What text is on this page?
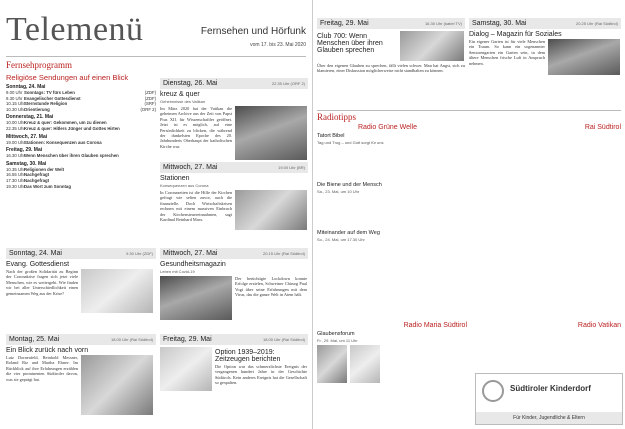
Telemenü	Fernsehen und Hörfunk
vom 17. bis 23. Mai 2020
Fernsehprogramm
Religiöse Sendungen auf einen Blick
Sonntag, 24. Mai
9.00 Uhr Sonntags: TV fürs Leben	(ZDF)
9.30 Uhr Evangelischer Gottesdienst	(ZDF)
10.15 UhrSternstunde Religion	(SRF)
10.30 UhrOrientierung	(ORF 2)
Donnerstag, 21. Mai
10.00 UhrKreuz & quer: Gekommen, um zu dienen
22.35 UhrKreuz & quer: Hitlers Jünger und Gottes Hirten
Mittwoch, 27. Mai
19.00 UhrStationen: Konsequenzen aus Corona
Freitag, 29. Mai
16.30 UhrWenn Menschen über ihren Glauben sprechen
Samstag, 30. Mai
10.35 UhrReligionen der Welt
16.55 UhrNachgefragt
17.30 UhrNachgefragt
19.30 UhrDas Wort zum Sonntag
Dienstag, 26. Mai	22.35 Uhr (ORF 2)
kreuz & quer
Geheimnisse des Vatikan
Im März 2020 hat der Vatikan die geheimen Archive aus der Zeit von Papst Pius XII. für Wissenschaftler geöffnet. Jetzt ist es möglich, auf eine Persönlichkeit zu blicken, die während der dunkelsten Epoche des 20. Jahrhunderts Oberhaupt der katholischen Kirche war.
Mittwoch, 27. Mai	19.00 Uhr (BR)
Stationen
Konsequenzen aus Corona
In Coronazeiten ist die Hilfe der Kirchen gefragt wie selten zuvor, auch die finanzielle. Doch Wirtschaftskrisen rechnen mit einem massiven Einbruch der Kirchensteuereinnahmen, sagt Kardinal Reinhard Marx.
Sonntag, 24. Mai	9.30 Uhr (ZDF)
Evang. Gottesdienst
Nach der großen Solidarität zu Beginn der Coronakrise fragen sich jetzt viele Menschen, wie es weitergeht. Wie finden wir bei aller Unterschiedlichkeit einen gemeinsamen Weg aus der Krise?
Mittwoch, 27. Mai	20.15 Uhr (Rai Südtirol)
Gesundheitsmagazin
Leben mit Covid-19
Der berüchtigte Lockdown konnte Erfolge erzielen, Schweiner Chirurg Paul Vogt über seine Erfahrungen mit dem Virus, das die ganze Welt in Atem hält.
Montag, 25. Mai	18.00 Uhr (Rai Südtirol)
Ein Blick zurück nach vorn
Lutz Dorneufeld, Reinhold Messner, Roland Riz und Martha Ebner: Im Rückblick auf ihre Erfahrungen erzählen die vier prominenten Südtiroler davon, was sie geprägt hat.
Freitag, 29. Mai	18.00 Uhr (Rai Südtirol)
Option 1939–2019: Zeitzeugen berichten
Die Option war das schmerzlichste Ereignis der vergangenen hundert Jahre in der Geschichte Südtirols. Kein anderes Ereignis hat die Gesellschaft so gespalten.
Freitag, 29. Mai	16.30 Uhr (kabel TV)
Club 700: Wenn Menschen über ihren Glauben sprechen
Über den eigenen Glauben zu sprechen, fällt vielen schwer. Man hat Angst, sich zu blamieren, einer Diskussion möglicherweise nicht standhalten zu können.
Samstag, 30. Mai	20.25 Uhr (Rai Südtirol)
Dialog – Magazin für Soziales
Ein eigener Garten ist für viele Menschen ein Traum. So kann ein sogenannter Seniorengarten ein Garten sein, in dem ältere Menschen frische Luft in Anspruch nehmen.
Radiotipps
Radio Grüne Welle
Tatort Bibel
Tag und Trug – und Gott sorgt für uns

Die Biene und der Mensch
Sa., 23. Mai, um 10 Uhr
Miteinander auf dem Weg
So., 24. Mai, um 17.30 Uhr

Rai Südtirol
Radio Maria Südtirol
Glaubensforum
Fr., 29. Mai, um 11 Uhr
Radio Vatikan
Südtiroler Kinderdorf
Für Kinder, Jugendliche & Eltern
